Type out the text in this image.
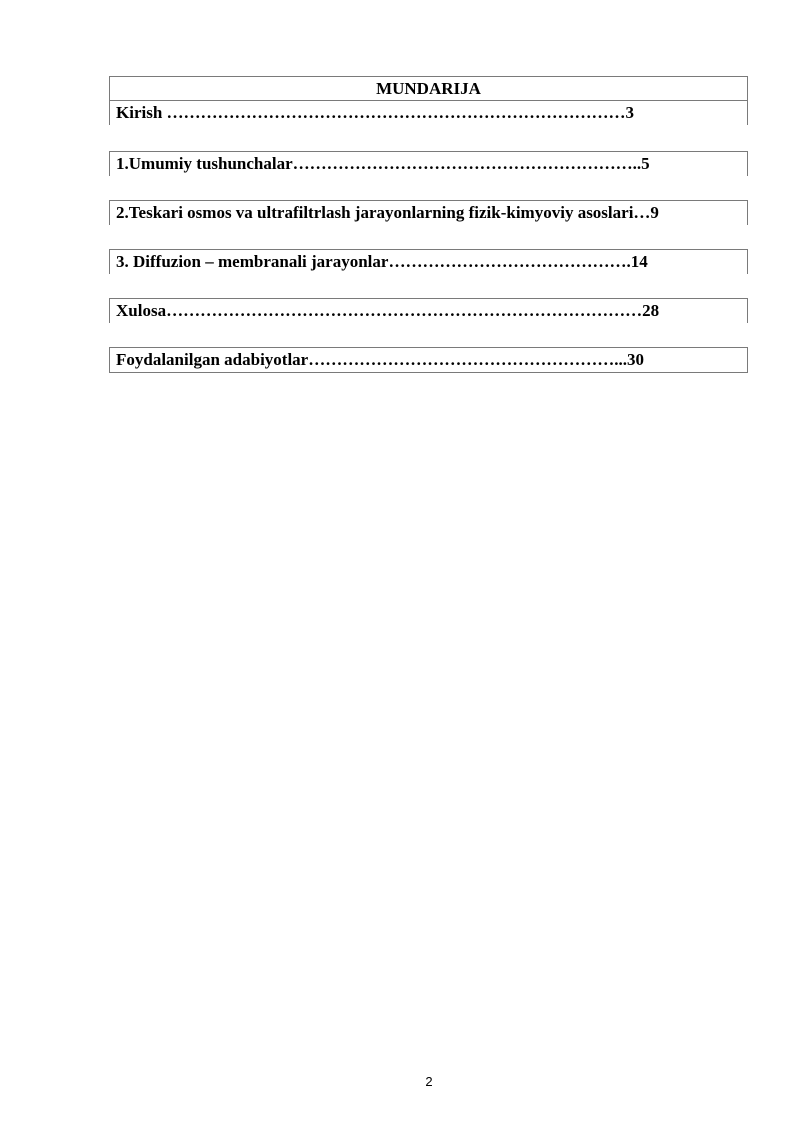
MUNDARIJA
Kirish ………………………………………………………………………3
1.Umumiy tushunchalar……………………………………………………..5
2.Teskari osmos va ultrafiltrlash jarayonlarning fizik-kimyoviy asoslari…9
3. Diffuzion – membranali jarayonlar…………………………………….14
Xulosa…………………………………………………………………………28
Foydalanilgan adabiyotlar………………………………………………...30
2
